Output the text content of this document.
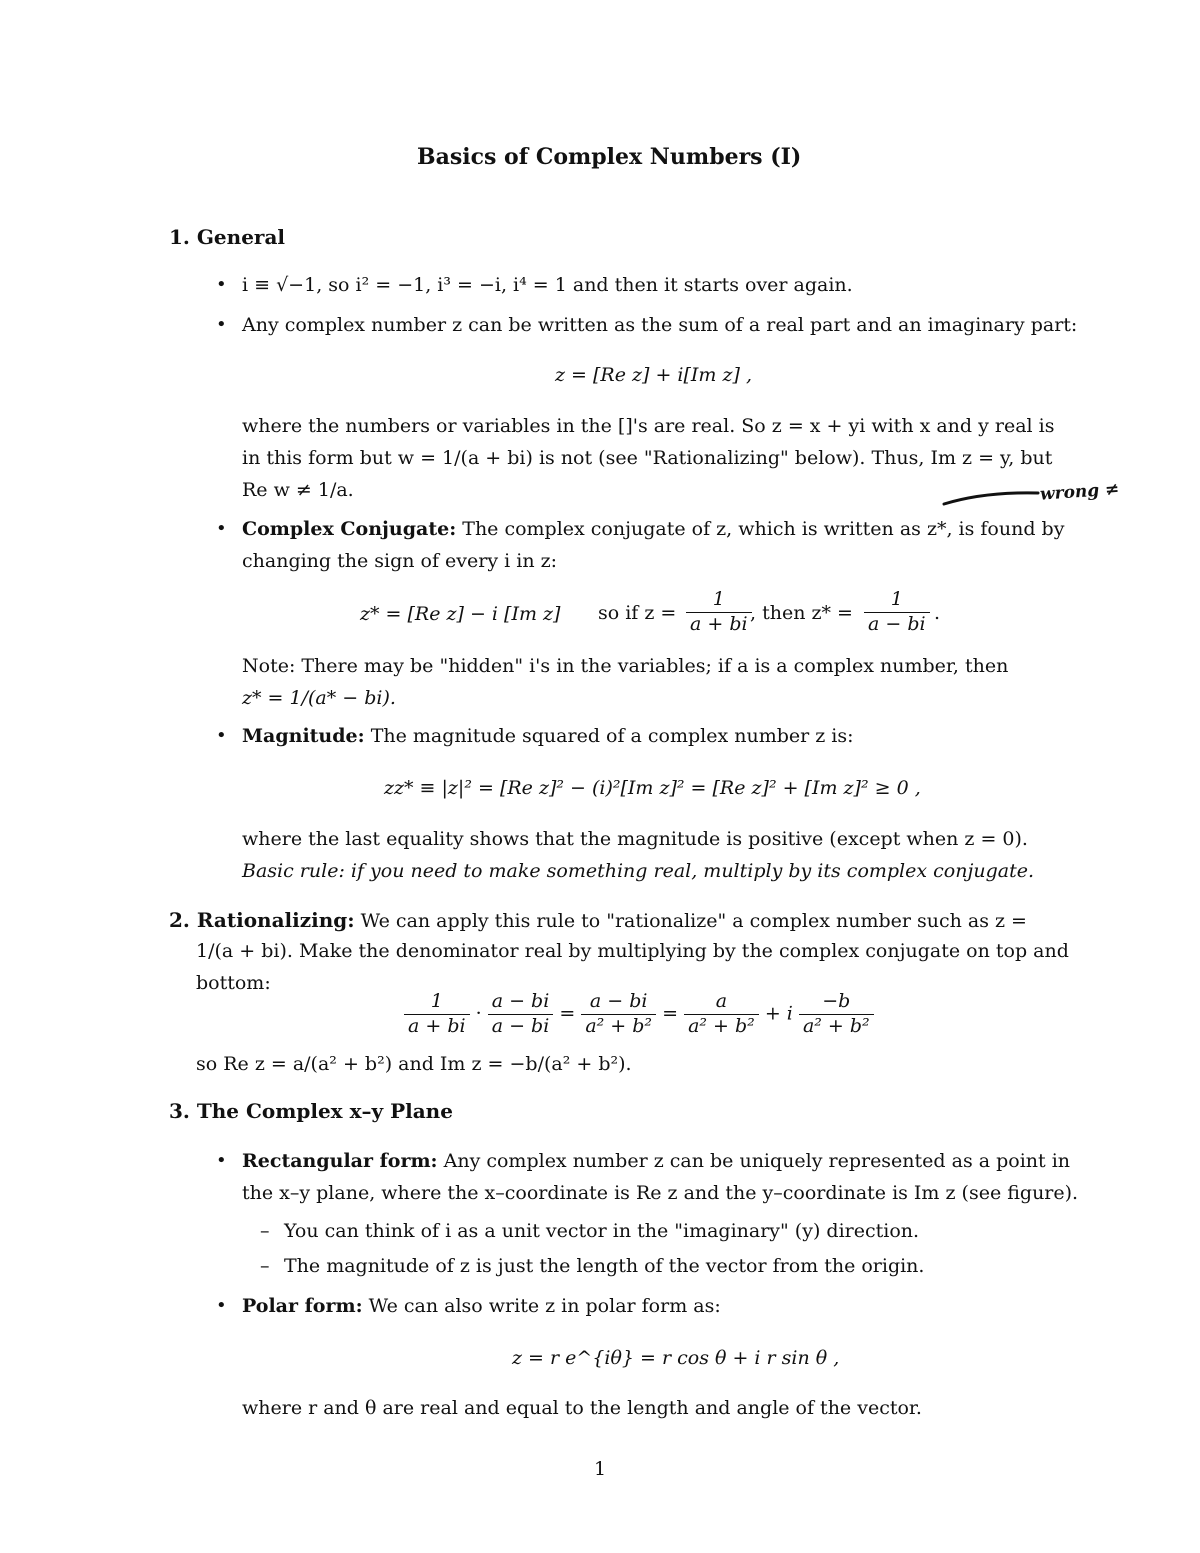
Basics of Complex Numbers (I)
1. General
• i ≡ √−1, so i² = −1, i³ = −i, i⁴ = 1 and then it starts over again.
• Any complex number z can be written as the sum of a real part and an imaginary part:
z = [Re z] + i[Im z] ,
where the numbers or variables in the []'s are real. So z = x + yi with x and y real is
in this form but w = 1/(a + bi) is not (see "Rationalizing" below). Thus, Im z = y, but
Re w ≠ 1/a.	wrong ≠
• Complex Conjugate: The complex conjugate of z, which is written as z*, is found by
changing the sign of every i in z:
z* = [Re z] − i [Im z] so if $z = \frac{1}{a + bi}$
, then $z* = \frac{1}{a - bi}$ .
Note: There may be "hidden" i's in the variables; if a is a complex number, then
z* = 1/(a* − bi).
• Magnitude: The magnitude squared of a complex number z is:
zz* ≡ |z|² = [Re z]² − (i)²[Im z]² = [Re z]² + [Im z]² ≥ 0 ,
where the last equality shows that the magnitude is positive (except when z = 0).
Basic rule: if you need to make something real, multiply by its complex conjugate.
2. Rationalizing: We can apply this rule to "rationalize" a complex number such as z =
1/(a + bi). Make the denominator real by multiplying by the complex conjugate on top and
bottom:
$\frac{1}{a + bi} \cdot \frac{a - bi}{a - bi} = \frac{a - bi}{\text{a² + b²}} = \frac{a}{\text{a² + b²}} + i \frac{-b}{\text{a² + b²}}$
so Re z = a/(a² + b²) and Im z = −b/(a² + b²).
3. The Complex x–y Plane
• Rectangular form: Any complex number z can be uniquely represented as a point in
the x–y plane, where the x–coordinate is Re z and the y–coordinate is Im z (see figure).
– You can think of i as a unit vector in the "imaginary" (y) direction.
– The magnitude of z is just the length of the vector from the origin.
• Polar form: We can also write z in polar form as:
z = r e^{iθ} = r cos θ + i r sin θ ,
where r and θ are real and equal to the length and angle of the vector.
1
